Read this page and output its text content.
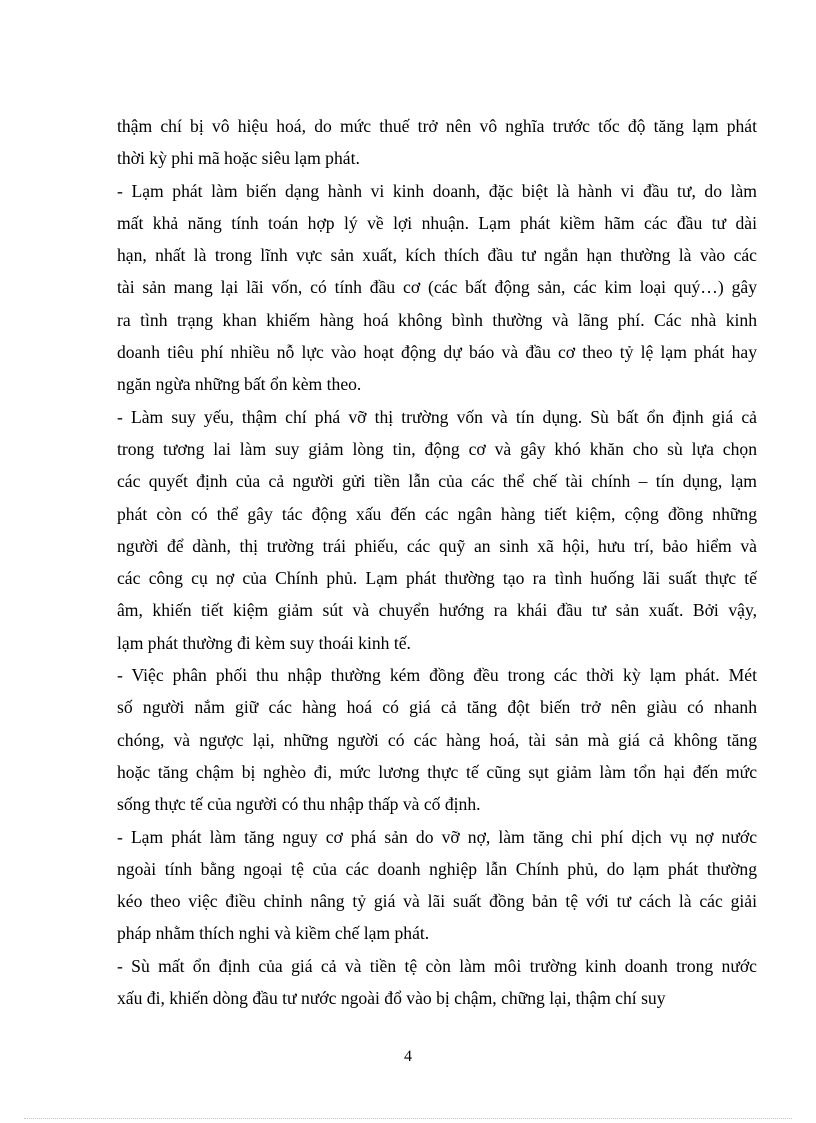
thậm chí bị vô hiệu hoá, do mức thuế trở nên vô nghĩa trước tốc độ tăng lạm phát
thời kỳ phi mã hoặc siêu lạm phát.
- Lạm phát làm biến dạng hành vi kinh doanh, đặc biệt là hành vi đầu tư, do làm
mất khả năng tính toán hợp lý về lợi nhuận. Lạm phát kiềm hãm các đầu tư dài
hạn, nhất là trong lĩnh vực sản xuất, kích thích đầu tư ngắn hạn thường là vào các
tài sản mang lại lãi vốn, có tính đầu cơ (các bất động sản, các kim loại quý…) gây
ra tình trạng khan khiếm hàng hoá không bình thường và lãng phí. Các nhà kinh
doanh tiêu phí nhiều nỗ lực vào hoạt động dự báo và đầu cơ theo tỷ lệ lạm phát hay
ngăn ngừa những bất ổn kèm theo.
- Làm suy yếu, thậm chí phá vỡ thị trường vốn và tín dụng. Sù bất ổn định giá cả
trong tương lai làm suy giảm lòng tin, động cơ và gây khó khăn cho sù lựa chọn
các quyết định của cả người gửi tiền lẫn của các thể chế tài chính – tín dụng, lạm
phát còn có thể gây tác động xấu đến các ngân hàng tiết kiệm, cộng đồng những
người để dành, thị trường trái phiếu, các quỹ an sinh xã hội, hưu trí, bảo hiểm và
các công cụ nợ của Chính phủ. Lạm phát thường tạo ra tình huống lãi suất thực tế
âm, khiến tiết kiệm giảm sút và chuyển hướng ra khái đầu tư sản xuất. Bởi vậy,
lạm phát thường đi kèm suy thoái kinh tế.
- Việc phân phối thu nhập thường kém đồng đều trong các thời kỳ lạm phát. Mét
số người nắm giữ các hàng hoá có giá cả tăng đột biến trở nên giàu có nhanh
chóng, và ngược lại, những người có các hàng hoá, tài sản mà giá cả không tăng
hoặc tăng chậm bị nghèo đi, mức lương thực tế cũng sụt giảm làm tổn hại đến mức
sống thực tế của người có thu nhập thấp và cố định.
- Lạm phát làm tăng nguy cơ phá sản do vỡ nợ, làm tăng chi phí dịch vụ nợ nước
ngoài tính bằng ngoại tệ của các doanh nghiệp lẫn Chính phủ, do lạm phát thường
kéo theo việc điều chỉnh nâng tỷ giá và lãi suất đồng bản tệ với tư cách là các giải
pháp nhằm thích nghi và kiềm chế lạm phát.
- Sù mất ổn định của giá cả và tiền tệ còn làm môi trường kinh doanh trong nước
xấu đi, khiến dòng đầu tư nước ngoài đổ vào bị chậm, chững lại, thậm chí suy
4
